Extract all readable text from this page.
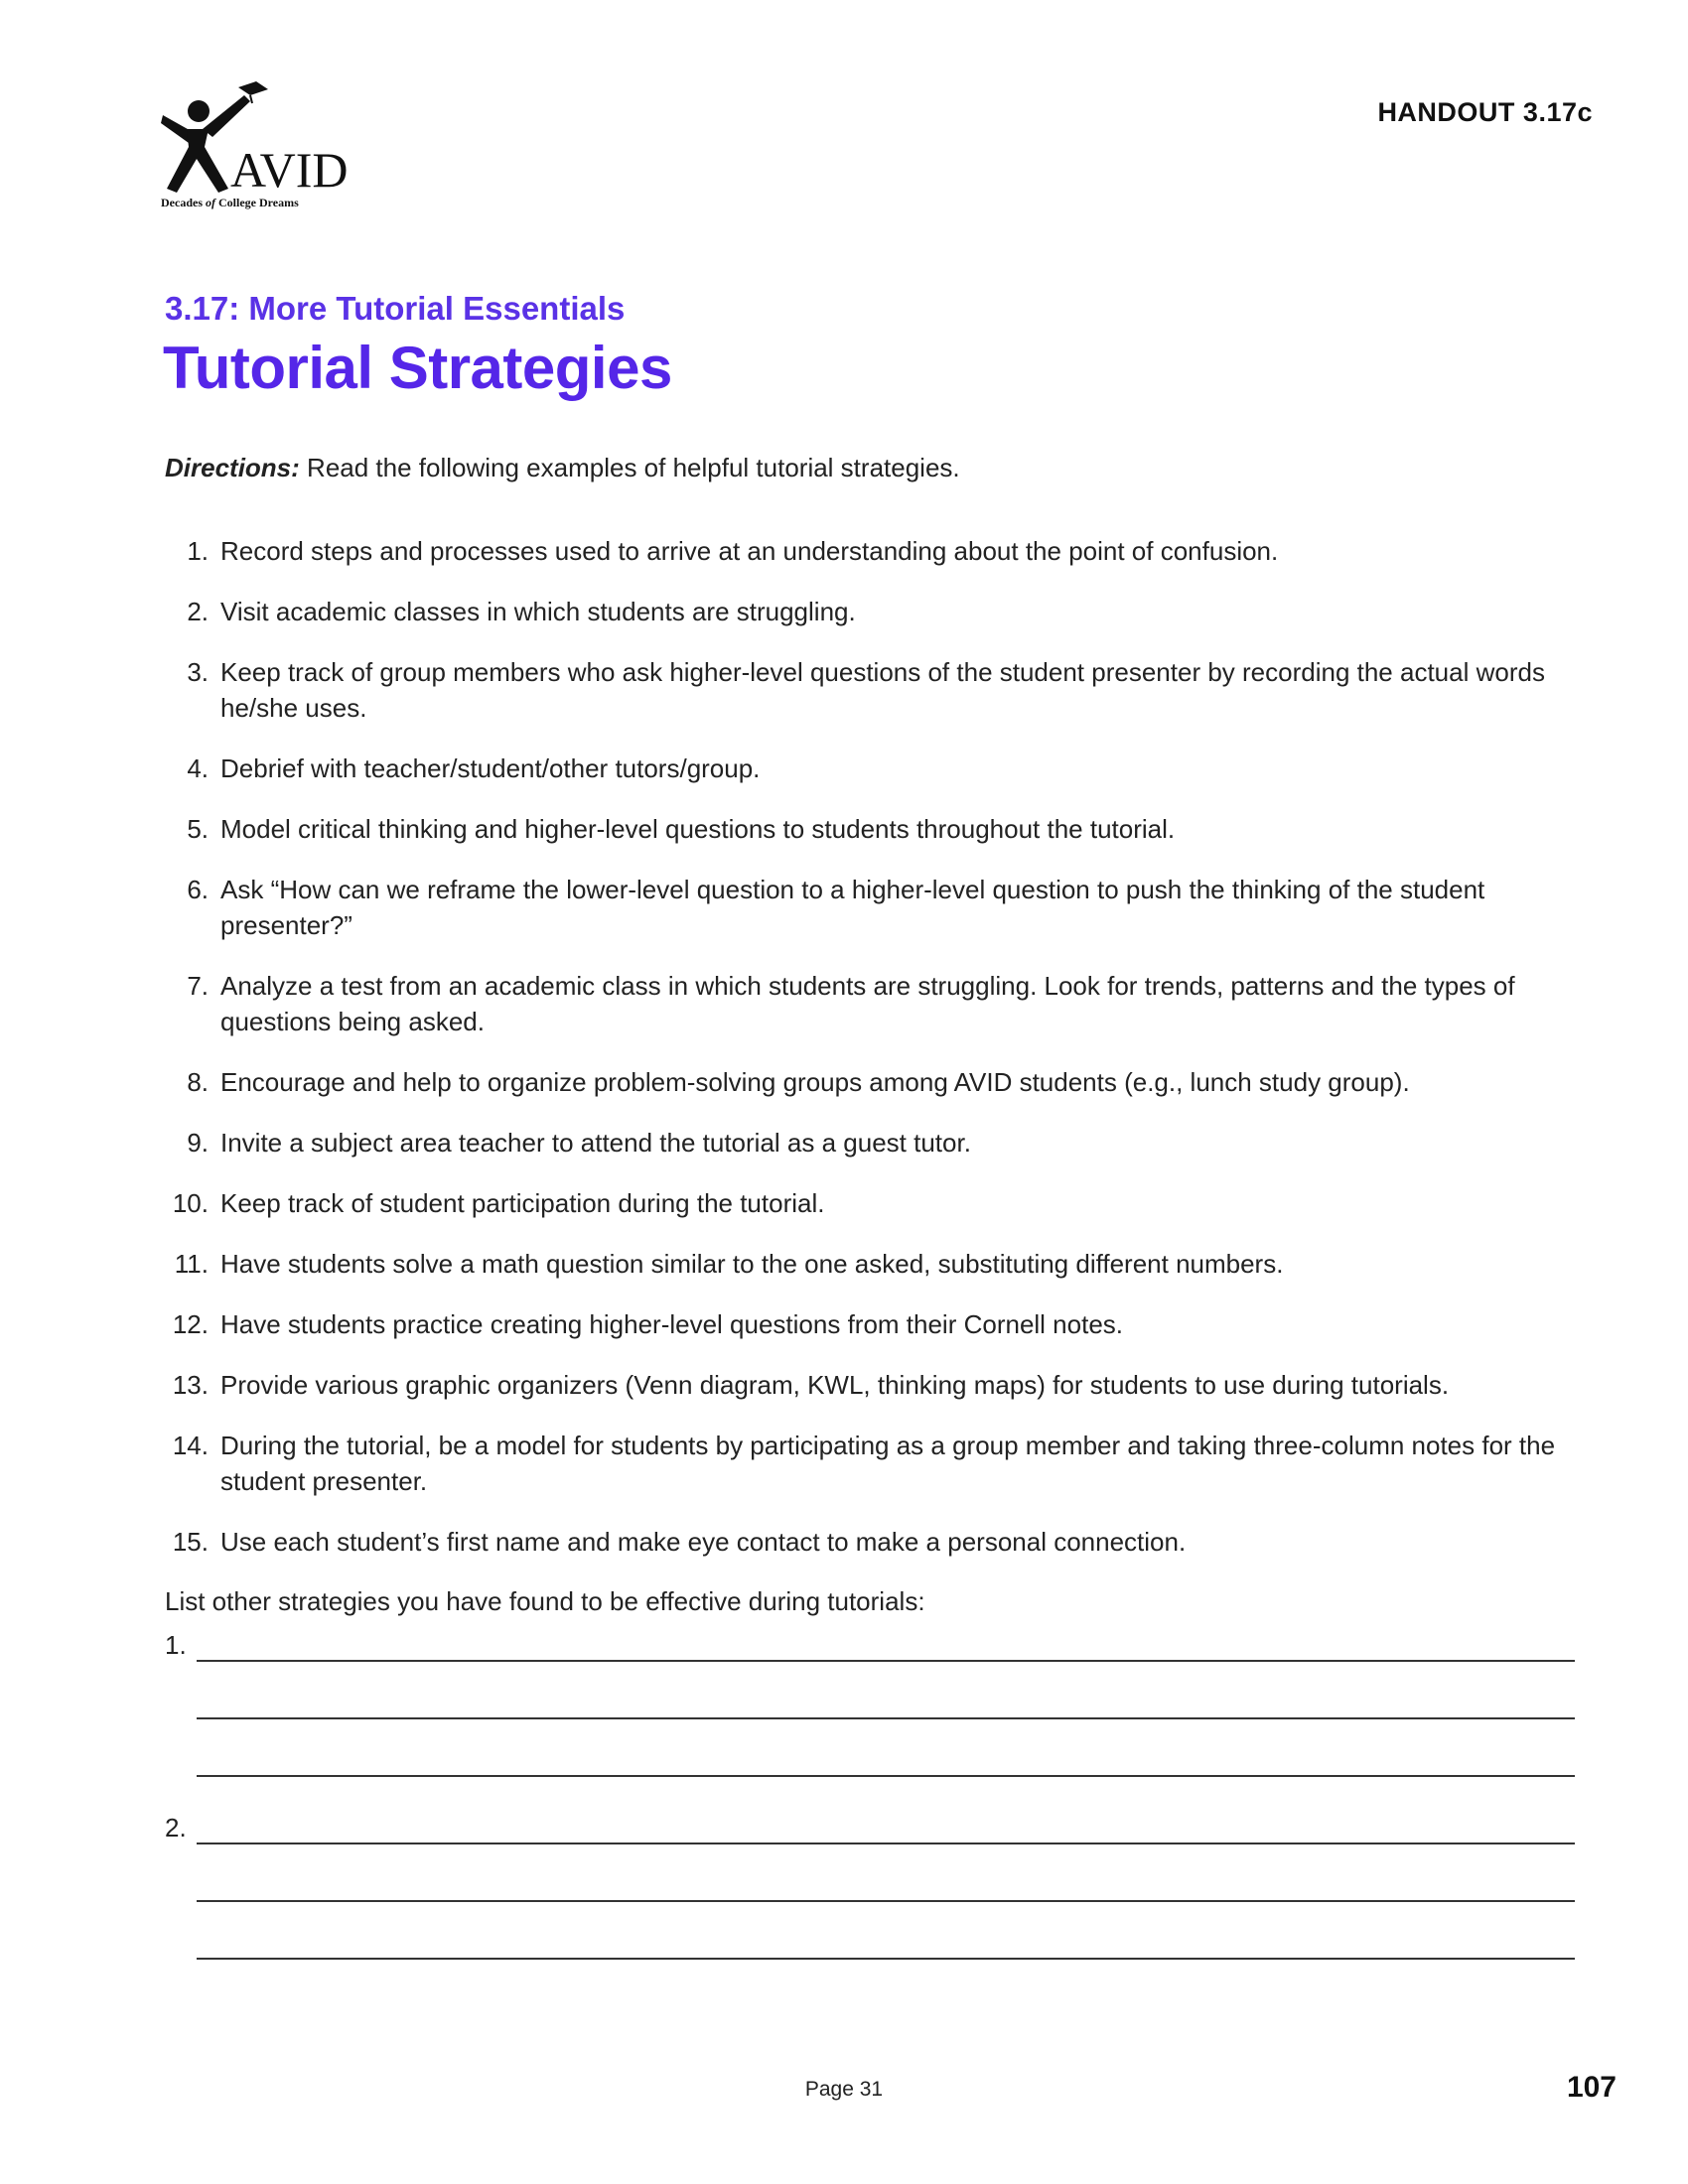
AVID
Decades of College Dreams
HANDOUT 3.17c
3.17: More Tutorial Essentials
Tutorial Strategies
Directions: Read the following examples of helpful tutorial strategies.
1. Record steps and processes used to arrive at an understanding about the point of confusion.
2. Visit academic classes in which students are struggling.
3. Keep track of group members who ask higher-level questions of the student presenter by recording the actual words he/she uses.
4. Debrief with teacher/student/other tutors/group.
5. Model critical thinking and higher-level questions to students throughout the tutorial.
6. Ask “How can we reframe the lower-level question to a higher-level question to push the thinking of the student presenter?”
7. Analyze a test from an academic class in which students are struggling. Look for trends, patterns and the types of questions being asked.
8. Encourage and help to organize problem-solving groups among AVID students (e.g., lunch study group).
9. Invite a subject area teacher to attend the tutorial as a guest tutor.
10. Keep track of student participation during the tutorial.
11. Have students solve a math question similar to the one asked, substituting different numbers.
12. Have students practice creating higher-level questions from their Cornell notes.
13. Provide various graphic organizers (Venn diagram, KWL, thinking maps) for students to use during tutorials.
14. During the tutorial, be a model for students by participating as a group member and taking three-column notes for the student presenter.
15. Use each student’s first name and make eye contact to make a personal connection.
List other strategies you have found to be effective during tutorials:
1.
2.
Page 31	107
